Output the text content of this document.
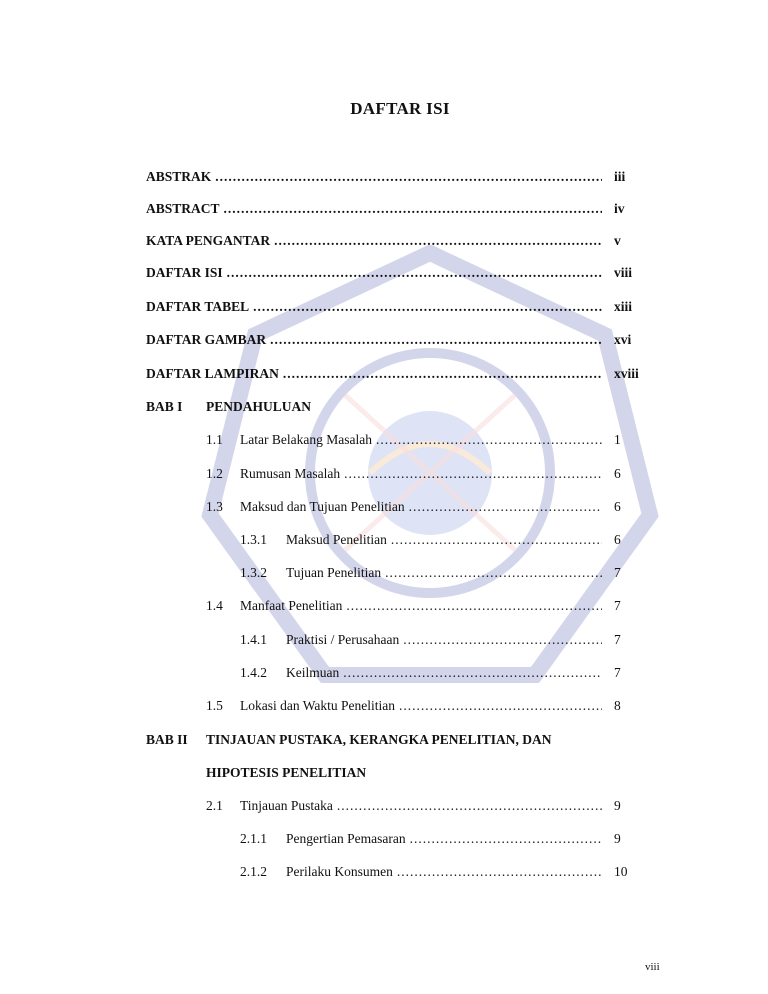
DAFTAR ISI
ABSTRAK .....	iii
ABSTRACT .....	iv
KATA PENGANTAR .....	v
DAFTAR ISI .....	viii
DAFTAR TABEL .....	xiii
DAFTAR GAMBAR .....	xvi
DAFTAR LAMPIRAN .....	xviii
BAB I PENDAHULUAN
1.1	Latar Belakang Masalah .....	1
1.2	Rumusan Masalah .....	6
1.3	Maksud dan Tujuan Penelitian .....	6
1.3.1	Maksud Penelitian .....	6
1.3.2	Tujuan Penelitian .....	7
1.4	Manfaat Penelitian .....	7
1.4.1	Praktisi / Perusahaan .....	7
1.4.2	Keilmuan .....	7
1.5	Lokasi dan Waktu Penelitian .....	8
BAB II TINJAUAN PUSTAKA, KERANGKA PENELITIAN, DAN
HIPOTESIS PENELITIAN
2.1	Tinjauan Pustaka .....	9
2.1.1	Pengertian Pemasaran .....	9
2.1.2	Perilaku Konsumen .....	10
viii
